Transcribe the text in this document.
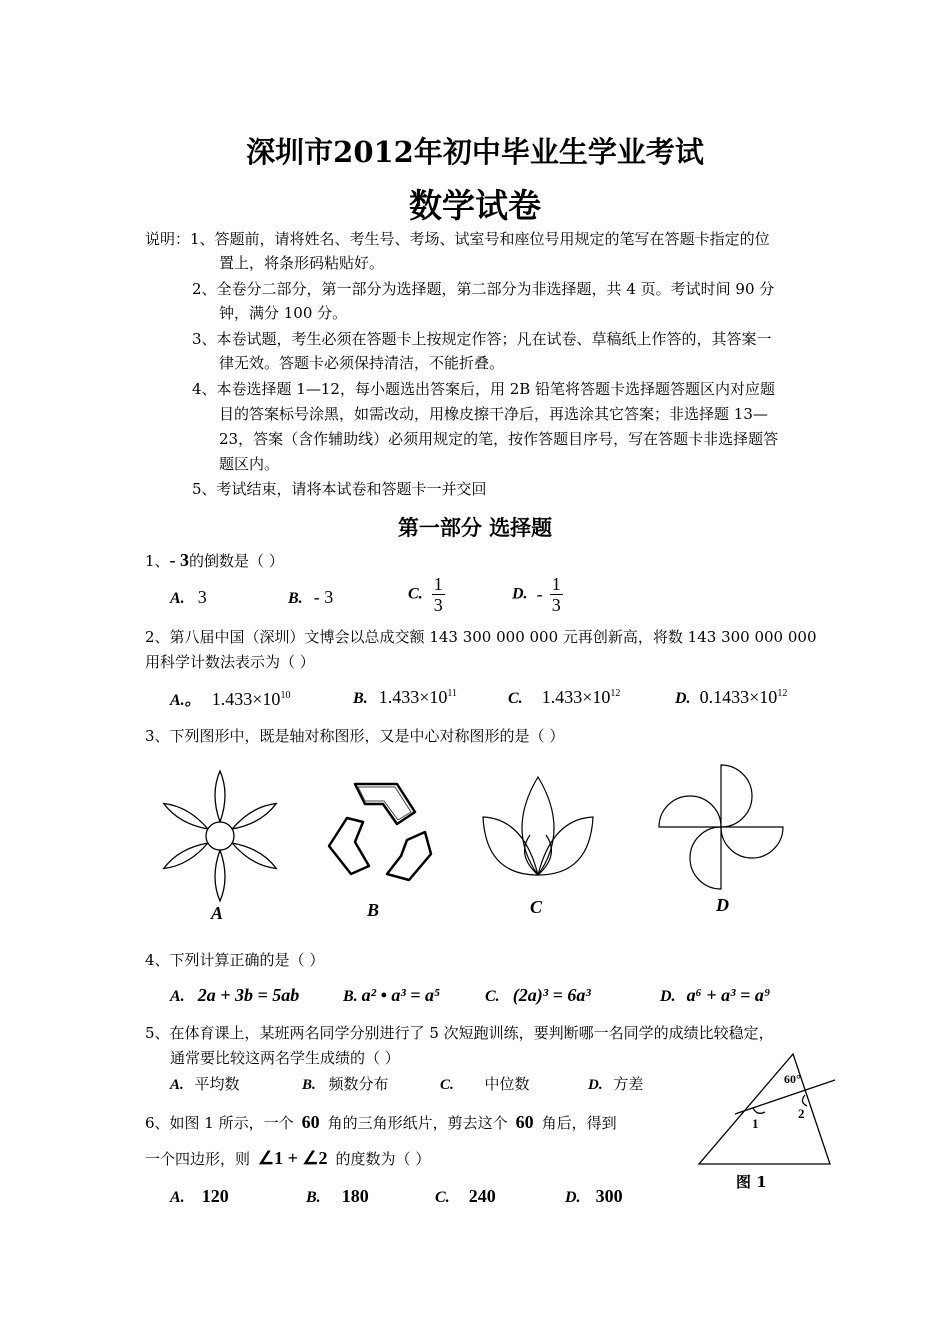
深圳市2012年初中毕业生学业考试
数学试卷
说明：1、答题前，请将姓名、考生号、考场、试室号和座位号用规定的笔写在答题卡指定的位
置上，将条形码粘贴好。
2、全卷分二部分，第一部分为选择题，第二部分为非选择题，共 4 页。考试时间 90 分
钟，满分 100 分。
3、本卷试题，考生必须在答题卡上按规定作答；凡在试卷、草稿纸上作答的，其答案一
律无效。答题卡必须保持清洁，不能折叠。
4、本卷选择题 1—12，每小题选出答案后，用 2B 铅笔将答题卡选择题答题区内对应题
目的答案标号涂黑，如需改动，用橡皮擦干净后，再选涂其它答案；非选择题 13—
23，答案（含作辅助线）必须用规定的笔，按作答题目序号，写在答题卡非选择题答
题区内。
5、考试结束，请将本试卷和答题卡一并交回
第一部分 选择题
1、- 3的倒数是（ ）
A. 3	B. - 3	C. $\frac{1}{3}$	D. - $\frac{1}{3}$
2、第八届中国（深圳）文博会以总成交额 143 300 000 000 元再创新高，将数 143 300 000 000
用科学计数法表示为（ ）
A.。 $1.433\times 10^{10}$	B. $1.433\times 10^{11}$	C. $1.433\times 10^{12}$	D. $0.1433\times 10^{12}$
3、下列图形中，既是轴对称图形，又是中心对称图形的是（ ）
A	B	C	D
4、下列计算正确的是（ ）
A. 2a + 3b = 5ab	B. a² • a³ = a⁵	C. (2a)³ = 6a³	D. a⁶ + a³ = a⁹
5、在体育课上，某班两名同学分别进行了 5 次短跑训练，要判断哪一名同学的成绩比较稳定，
通常要比较这两名学生成绩的（ ）
A. 平均数	B. 频数分布	C. 中位数	D. 方差
6、如图 1 所示，一个 60 角的三角形纸片，剪去这个 60 角后，得到
一个四边形，则 ∠1 + ∠2 的度数为（ ）
A. 120	B. 180	C. 240	D. 300
60°
1
2
图 1
